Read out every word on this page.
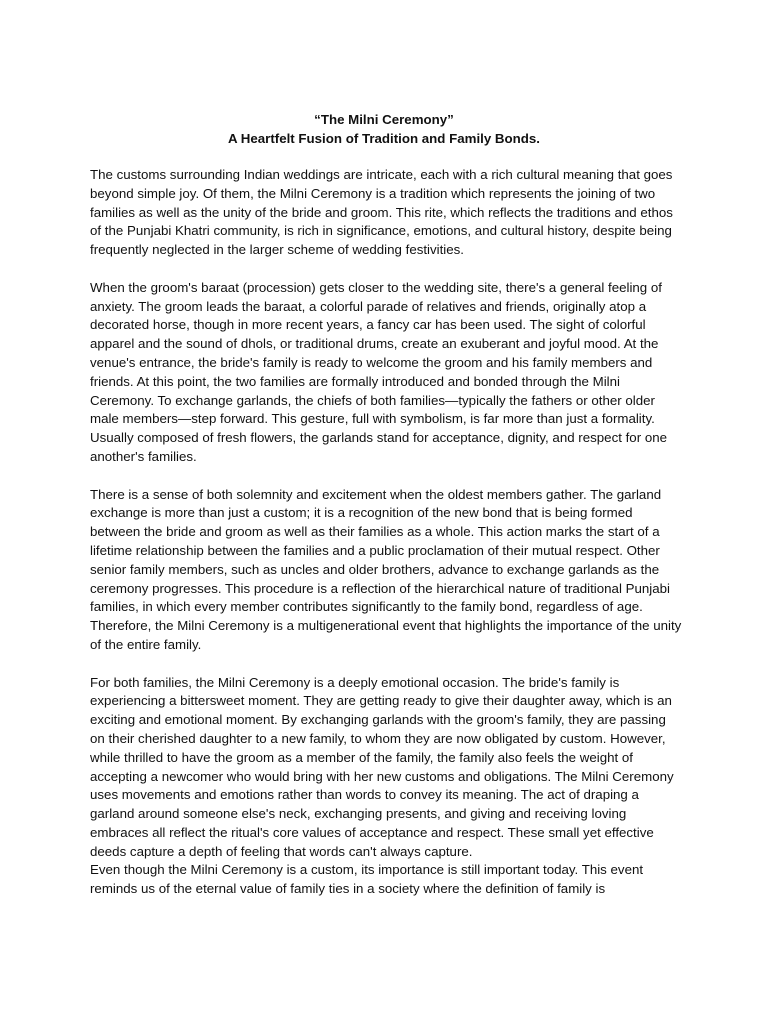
“The Milni Ceremony”
A Heartfelt Fusion of Tradition and Family Bonds.

The customs surrounding Indian weddings are intricate, each with a rich cultural meaning that goes beyond simple joy. Of them, the Milni Ceremony is a tradition which represents the joining of two families as well as the unity of the bride and groom. This rite, which reflects the traditions and ethos of the Punjabi Khatri community, is rich in significance, emotions, and cultural history, despite being frequently neglected in the larger scheme of wedding festivities.

When the groom's baraat (procession) gets closer to the wedding site, there's a general feeling of anxiety. The groom leads the baraat, a colorful parade of relatives and friends, originally atop a decorated horse, though in more recent years, a fancy car has been used. The sight of colorful apparel and the sound of dhols, or traditional drums, create an exuberant and joyful mood. At the venue's entrance, the bride's family is ready to welcome the groom and his family members and friends. At this point, the two families are formally introduced and bonded through the Milni Ceremony. To exchange garlands, the chiefs of both families—typically the fathers or other older male members—step forward. This gesture, full with symbolism, is far more than just a formality. Usually composed of fresh flowers, the garlands stand for acceptance, dignity, and respect for one another's families.

There is a sense of both solemnity and excitement when the oldest members gather. The garland exchange is more than just a custom; it is a recognition of the new bond that is being formed between the bride and groom as well as their families as a whole. This action marks the start of a lifetime relationship between the families and a public proclamation of their mutual respect. Other senior family members, such as uncles and older brothers, advance to exchange garlands as the ceremony progresses. This procedure is a reflection of the hierarchical nature of traditional Punjabi families, in which every member contributes significantly to the family bond, regardless of age. Therefore, the Milni Ceremony is a multigenerational event that highlights the importance of the unity of the entire family.

For both families, the Milni Ceremony is a deeply emotional occasion. The bride's family is experiencing a bittersweet moment. They are getting ready to give their daughter away, which is an exciting and emotional moment. By exchanging garlands with the groom's family, they are passing on their cherished daughter to a new family, to whom they are now obligated by custom. However, while thrilled to have the groom as a member of the family, the family also feels the weight of accepting a newcomer who would bring with her new customs and obligations. The Milni Ceremony uses movements and emotions rather than words to convey its meaning. The act of draping a garland around someone else's neck, exchanging presents, and giving and receiving loving embraces all reflect the ritual's core values of acceptance and respect. These small yet effective deeds capture a depth of feeling that words can't always capture.

Even though the Milni Ceremony is a custom, its importance is still important today. This event reminds us of the eternal value of family ties in a society where the definition of family is
